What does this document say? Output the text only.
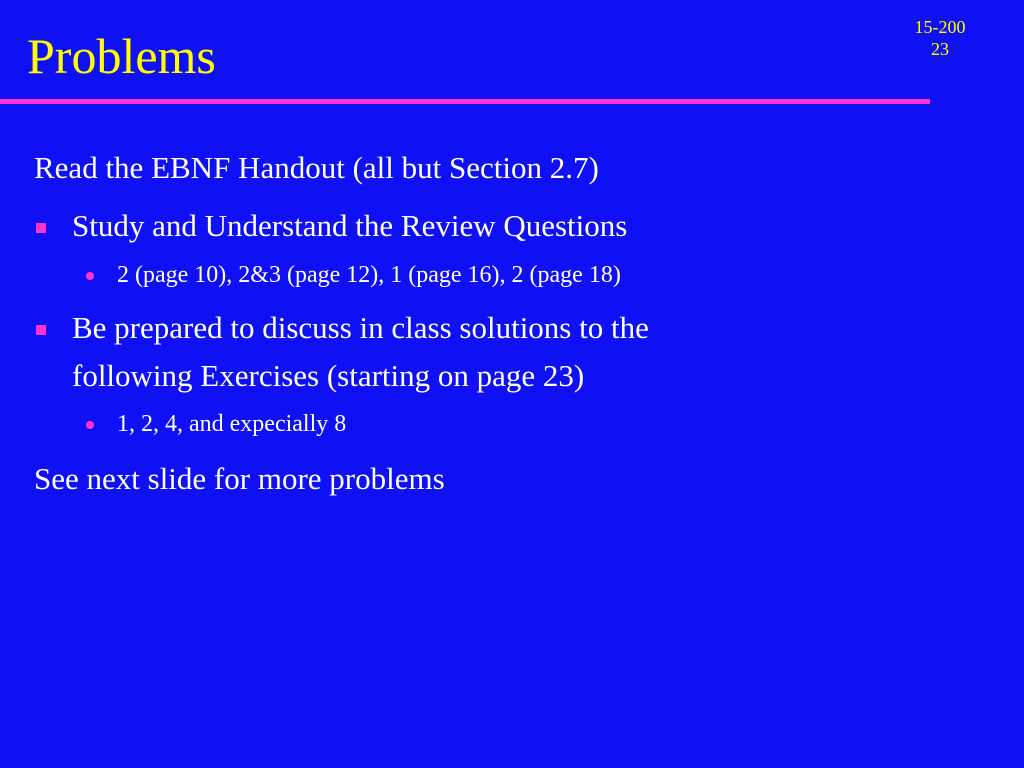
Problems
15-200
23
Read the EBNF Handout (all but Section 2.7)
Study and Understand the Review Questions
2 (page 10), 2&3 (page 12), 1 (page 16), 2 (page 18)
Be prepared to discuss in class solutions to the
following Exercises (starting on page 23)
1, 2, 4, and expecially 8
See next slide for more problems
